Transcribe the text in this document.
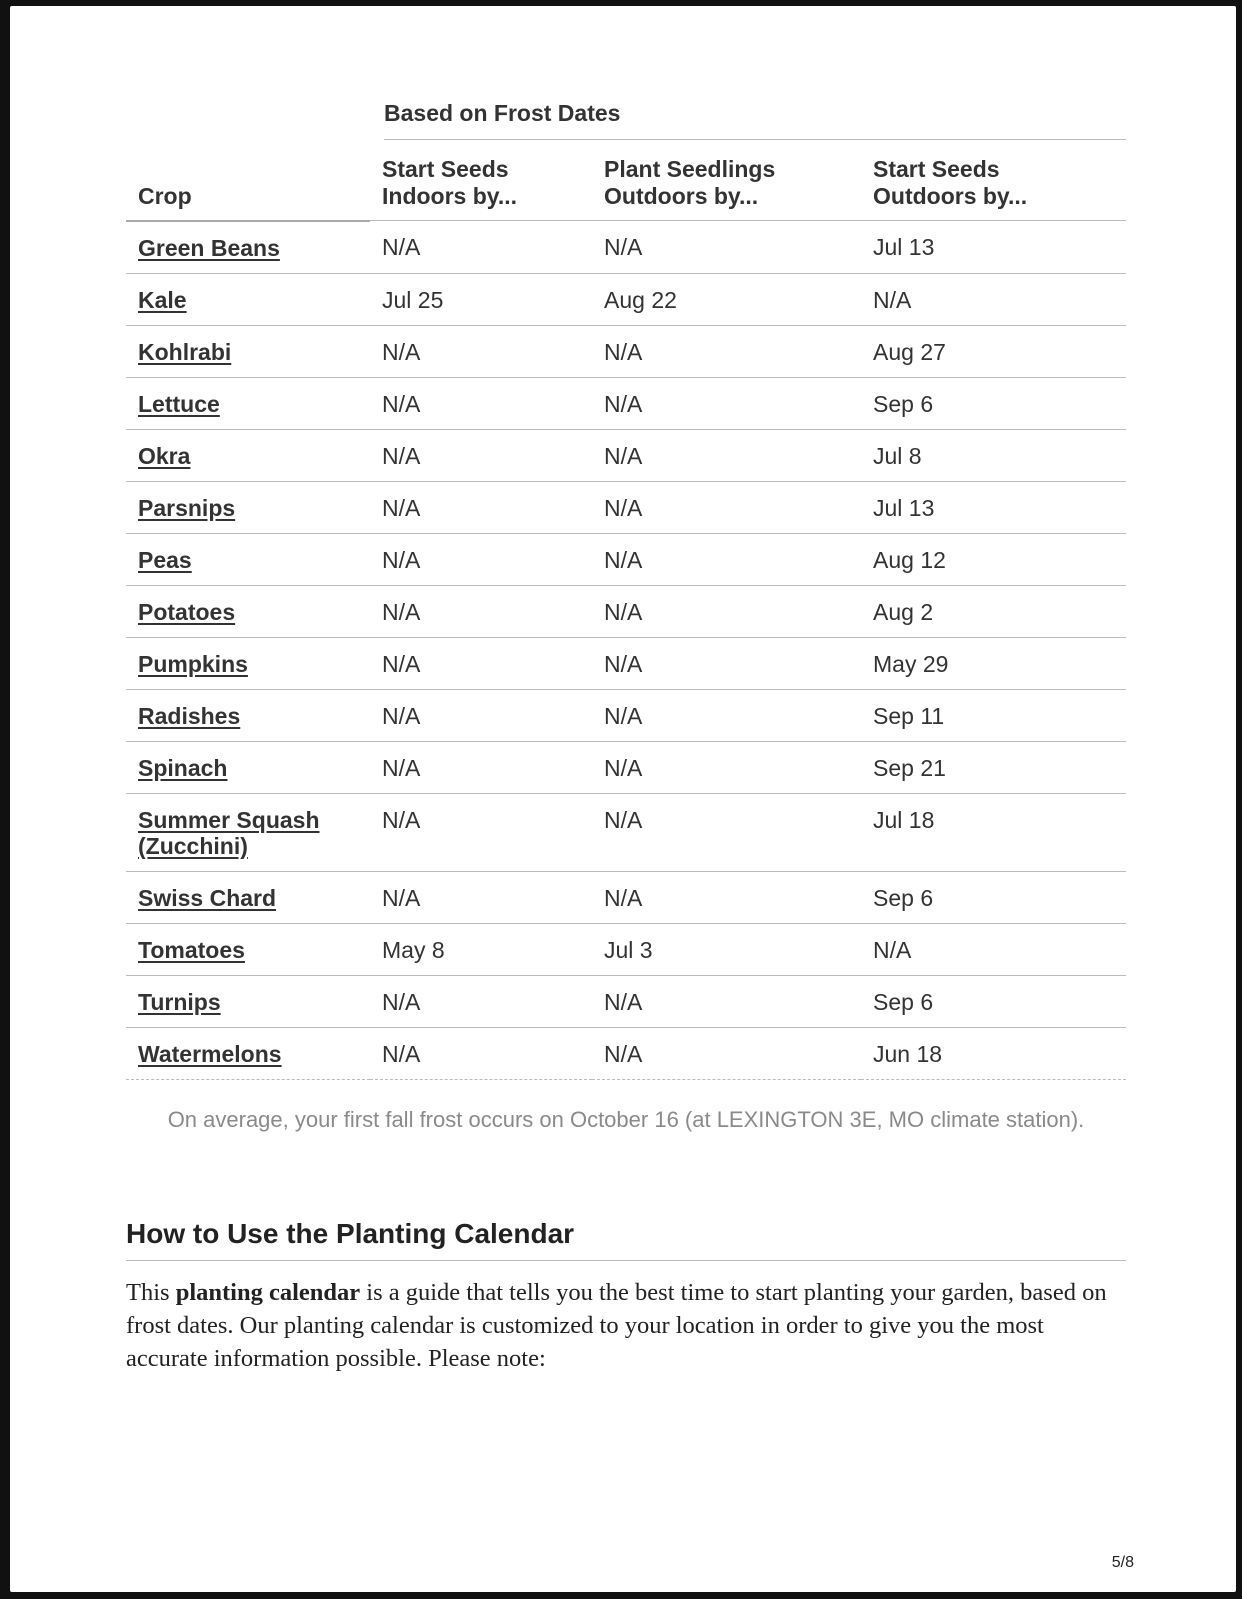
Based on Frost Dates
Crop	Start Seeds Indoors by...	Plant Seedlings Outdoors by...	Start Seeds Outdoors by...

Green Beans	N/A	N/A	Jul 13
Kale	Jul 25	Aug 22	N/A
Kohlrabi	N/A	N/A	Aug 27
Lettuce	N/A	N/A	Sep 6
Okra	N/A	N/A	Jul 8
Parsnips	N/A	N/A	Jul 13
Peas	N/A	N/A	Aug 12
Potatoes	N/A	N/A	Aug 2
Pumpkins	N/A	N/A	May 29
Radishes	N/A	N/A	Sep 11
Spinach	N/A	N/A	Sep 21
Summer Squash (Zucchini)	N/A	N/A	Jul 18
Swiss Chard	N/A	N/A	Sep 6
Tomatoes	May 8	Jul 3	N/A
Turnips	N/A	N/A	Sep 6
Watermelons	N/A	N/A	Jun 18
On average, your first fall frost occurs on October 16 (at LEXINGTON 3E, MO climate station).
How to Use the Planting Calendar
This planting calendar is a guide that tells you the best time to start planting your garden, based on frost dates. Our planting calendar is customized to your location in order to give you the most accurate information possible. Please note:
5/8
